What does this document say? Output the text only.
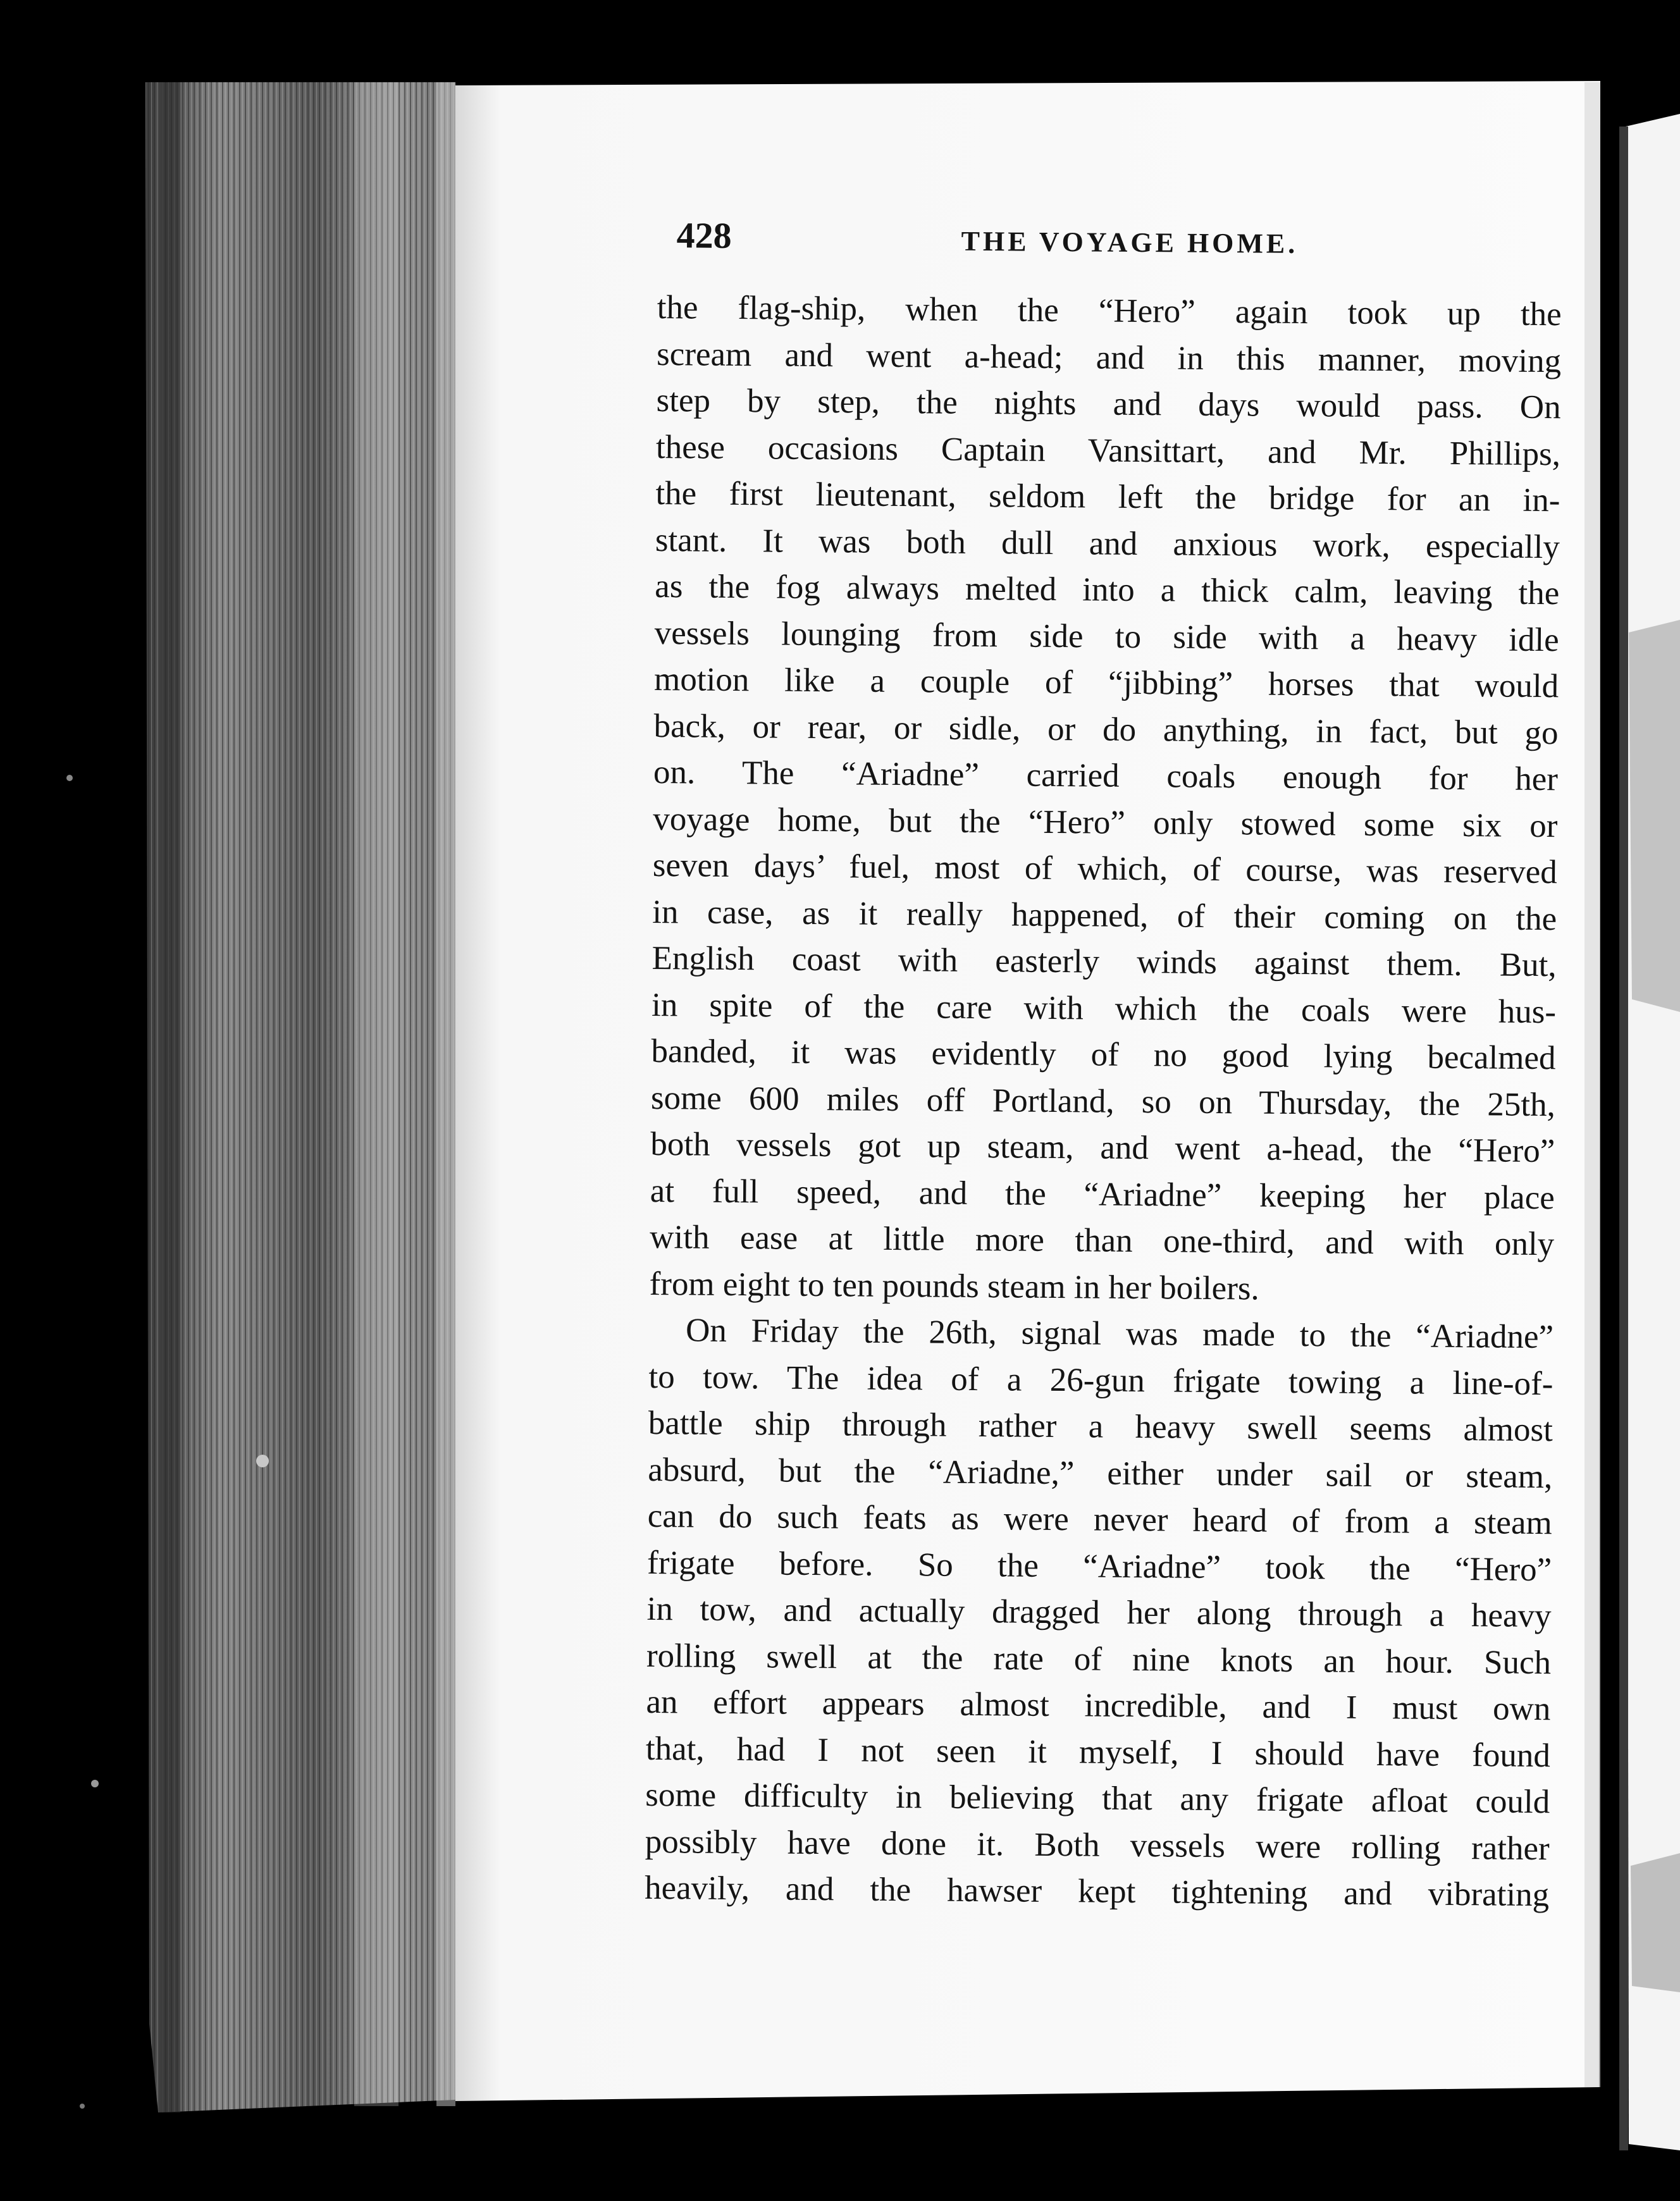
428	THE VOYAGE HOME.
the flag-ship, when the “Hero” again took up the
scream and went a-head; and in this manner, moving
step by step, the nights and days would pass. On
these occasions Captain Vansittart, and Mr. Phillips,
the first lieutenant, seldom left the bridge for an in-
stant. It was both dull and anxious work, especially
as the fog always melted into a thick calm, leaving the
vessels lounging from side to side with a heavy idle
motion like a couple of “jibbing” horses that would
back, or rear, or sidle, or do anything, in fact, but go
on. The “Ariadne” carried coals enough for her
voyage home, but the “Hero” only stowed some six or
seven days’ fuel, most of which, of course, was reserved
in case, as it really happened, of their coming on the
English coast with easterly winds against them. But,
in spite of the care with which the coals were hus-
banded, it was evidently of no good lying becalmed
some 600 miles off Portland, so on Thursday, the 25th,
both vessels got up steam, and went a-head, the “Hero”
at full speed, and the “Ariadne” keeping her place
with ease at little more than one-third, and with only
from eight to ten pounds steam in her boilers.
On Friday the 26th, signal was made to the “Ariadne”
to tow. The idea of a 26-gun frigate towing a line-of-
battle ship through rather a heavy swell seems almost
absurd, but the “Ariadne,” either under sail or steam,
can do such feats as were never heard of from a steam
frigate before. So the “Ariadne” took the “Hero”
in tow, and actually dragged her along through a heavy
rolling swell at the rate of nine knots an hour. Such
an effort appears almost incredible, and I must own
that, had I not seen it myself, I should have found
some difficulty in believing that any frigate afloat could
possibly have done it. Both vessels were rolling rather
heavily, and the hawser kept tightening and vibrating
